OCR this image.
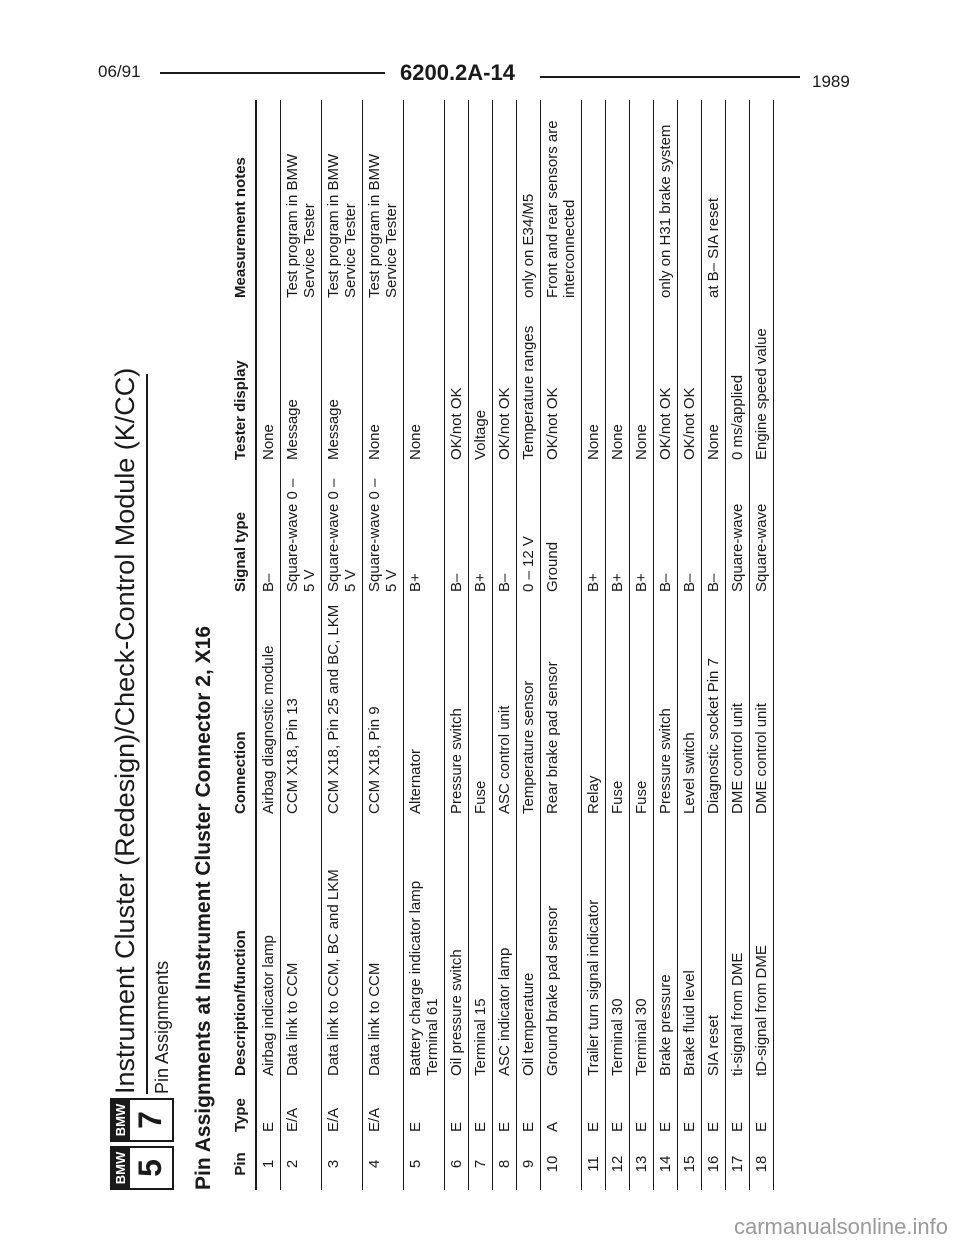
06/91	6200.2A-14	1989
BMW 5
BMW 7
Instrument Cluster (Redesign)/Check-Control Module (K/CC) Pin Assignments Pin Assignments at Instrument Cluster Connector 2, X16 Pin	Type	Description/function	Connection	Signal type	Tester display	Measurement notes
1	E	Airbag indicator lamp	Airbag diagnostic module	B–	None	
2	E/A	Data link to CCM	CCM X18, Pin 13	Square-wave 0 – 5 V	Message	Test program in BMW Service Tester
3	E/A	Data link to CCM, BC and LKM	CCM X18, Pin 25 and BC, LKM	Square-wave 0 – 5 V	Message	Test program in BMW Service Tester
4	E/A	Data link to CCM	CCM X18, Pin 9	Square-wave 0 – 5 V	None	Test program in BMW Service Tester
5	E	Battery charge indicator lamp Terminal 61	Alternator	B+	None	
6	E	Oil pressure switch	Pressure switch	B–	OK/not OK	
7	E	Terminal 15	Fuse	B+	Voltage	
8	E	ASC indicator lamp	ASC control unit	B–	OK/not OK	
9	E	Oil temperature	Temperature sensor	0 – 12 V	Temperature ranges	only on E34/M5
10	A	Ground brake pad sensor	Rear brake pad sensor	Ground	OK/not OK	Front and rear sensors are interconnected
11	E	Trailer turn signal indicator	Relay	B+	None	
12	E	Terminal 30	Fuse	B+	None	
13	E	Terminal 30	Fuse	B+	None	
14	E	Brake pressure	Pressure switch	B–	OK/not OK	only on H31 brake system
15	E	Brake fluid level	Level switch	B–	OK/not OK	
16	E	SIA reset	Diagnostic socket Pin 7	B–	None	at B– SIA reset
17	E	ti-signal from DME	DME control unit	Square-wave	0 ms/applied	
18	E	tD-signal from DME	DME control unit	Square-wave	Engine speed value	
carmanualsonline.info
